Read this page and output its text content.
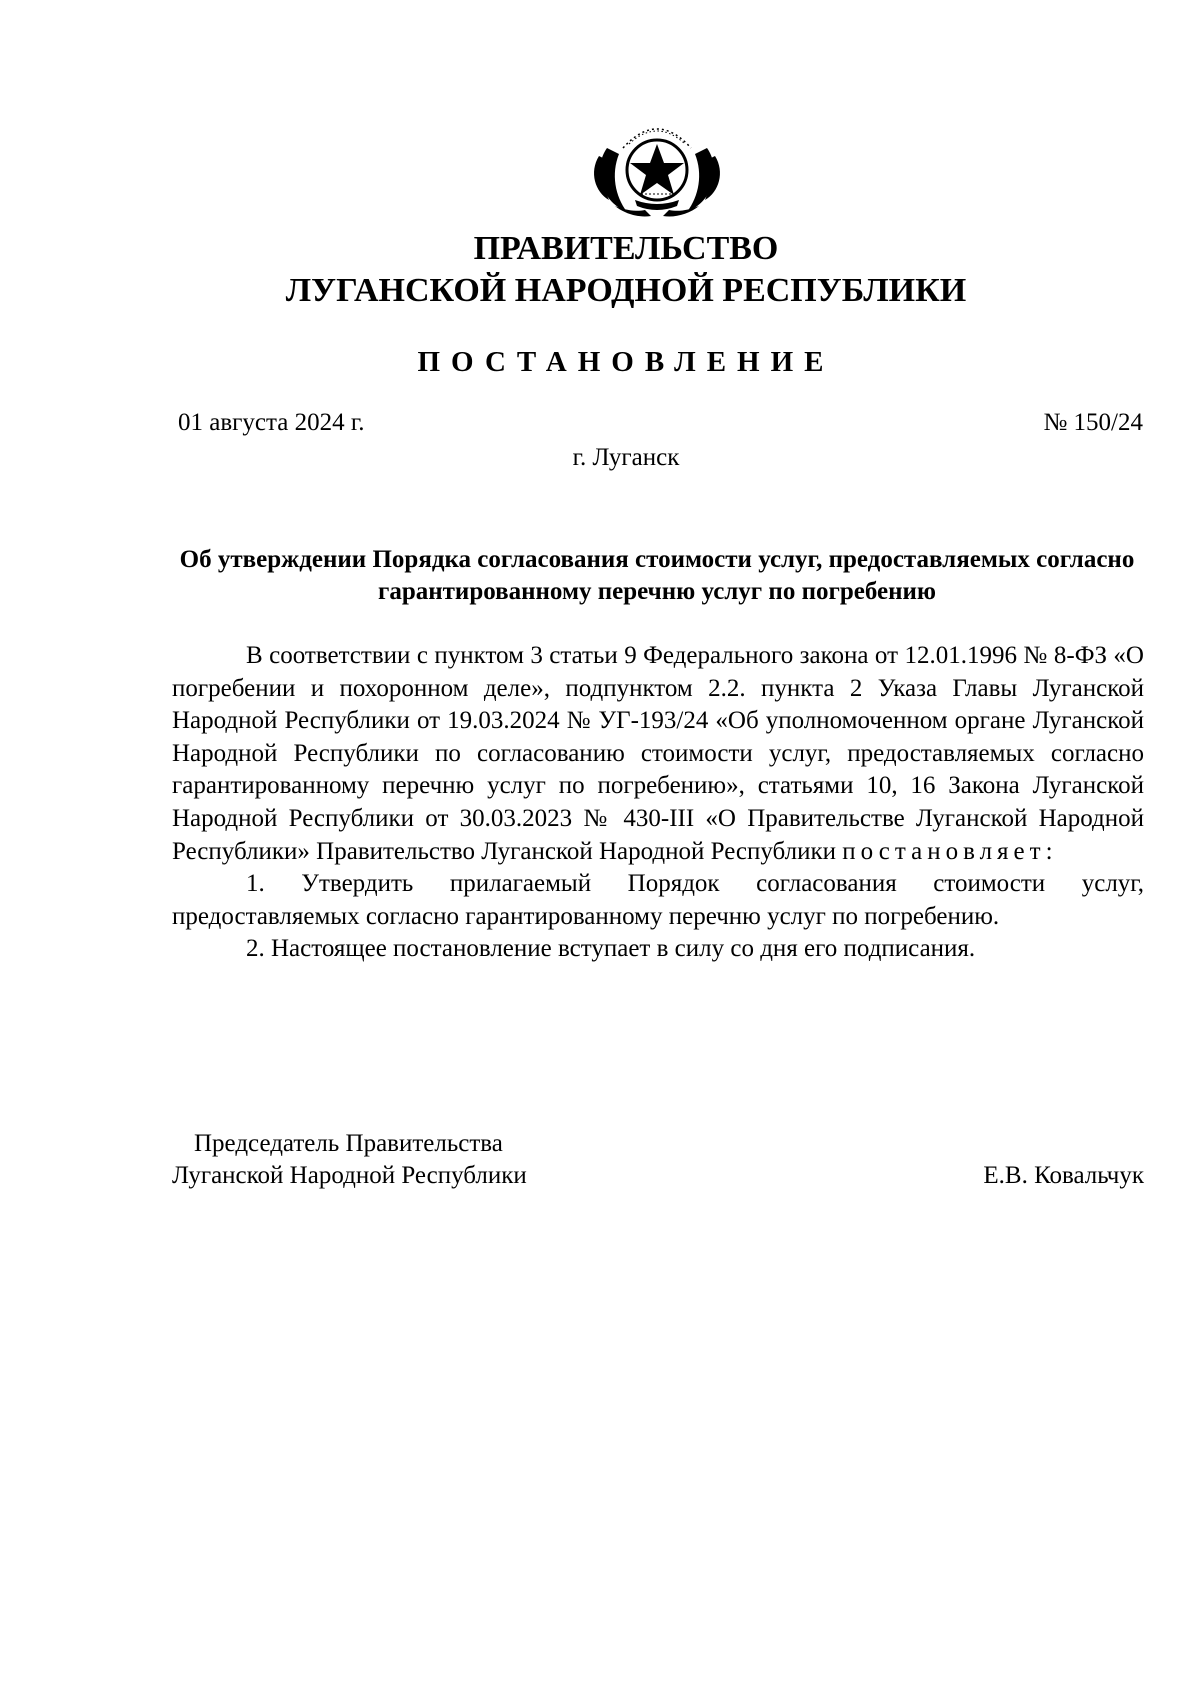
ПРАВИТЕЛЬСТВО
ЛУГАНСКОЙ НАРОДНОЙ РЕСПУБЛИКИ
ПОСТАНОВЛЕНИЕ
01 августа 2024 г.	№ 150/24
г. Луганск
Об утверждении Порядка согласования стоимости услуг, предоставляемых согласно гарантированному перечню услуг по погребению

В соответствии с пунктом 3 статьи 9 Федерального закона от 12.01.1996 № 8-ФЗ «О погребении и похоронном деле», подпунктом 2.2. пункта 2 Указа Главы Луганской Народной Республики от 19.03.2024 № УГ-193/24 «Об уполномоченном органе Луганской Народной Республики по согласованию стоимости услуг, предоставляемых согласно гарантированному перечню услуг по погребению», статьями 10, 16 Закона Луганской Народной Республики от 30.03.2023 № 430-III «О Правительстве Луганской Народной Республики» Правительство Луганской Народной Республики постановляет:

1. Утвердить прилагаемый Порядок согласования стоимости услуг, предоставляемых согласно гарантированному перечню услуг по погребению.

2. Настоящее постановление вступает в силу со дня его подписания.

Председатель Правительства
Луганской Народной Республики	Е.В. Ковальчук
